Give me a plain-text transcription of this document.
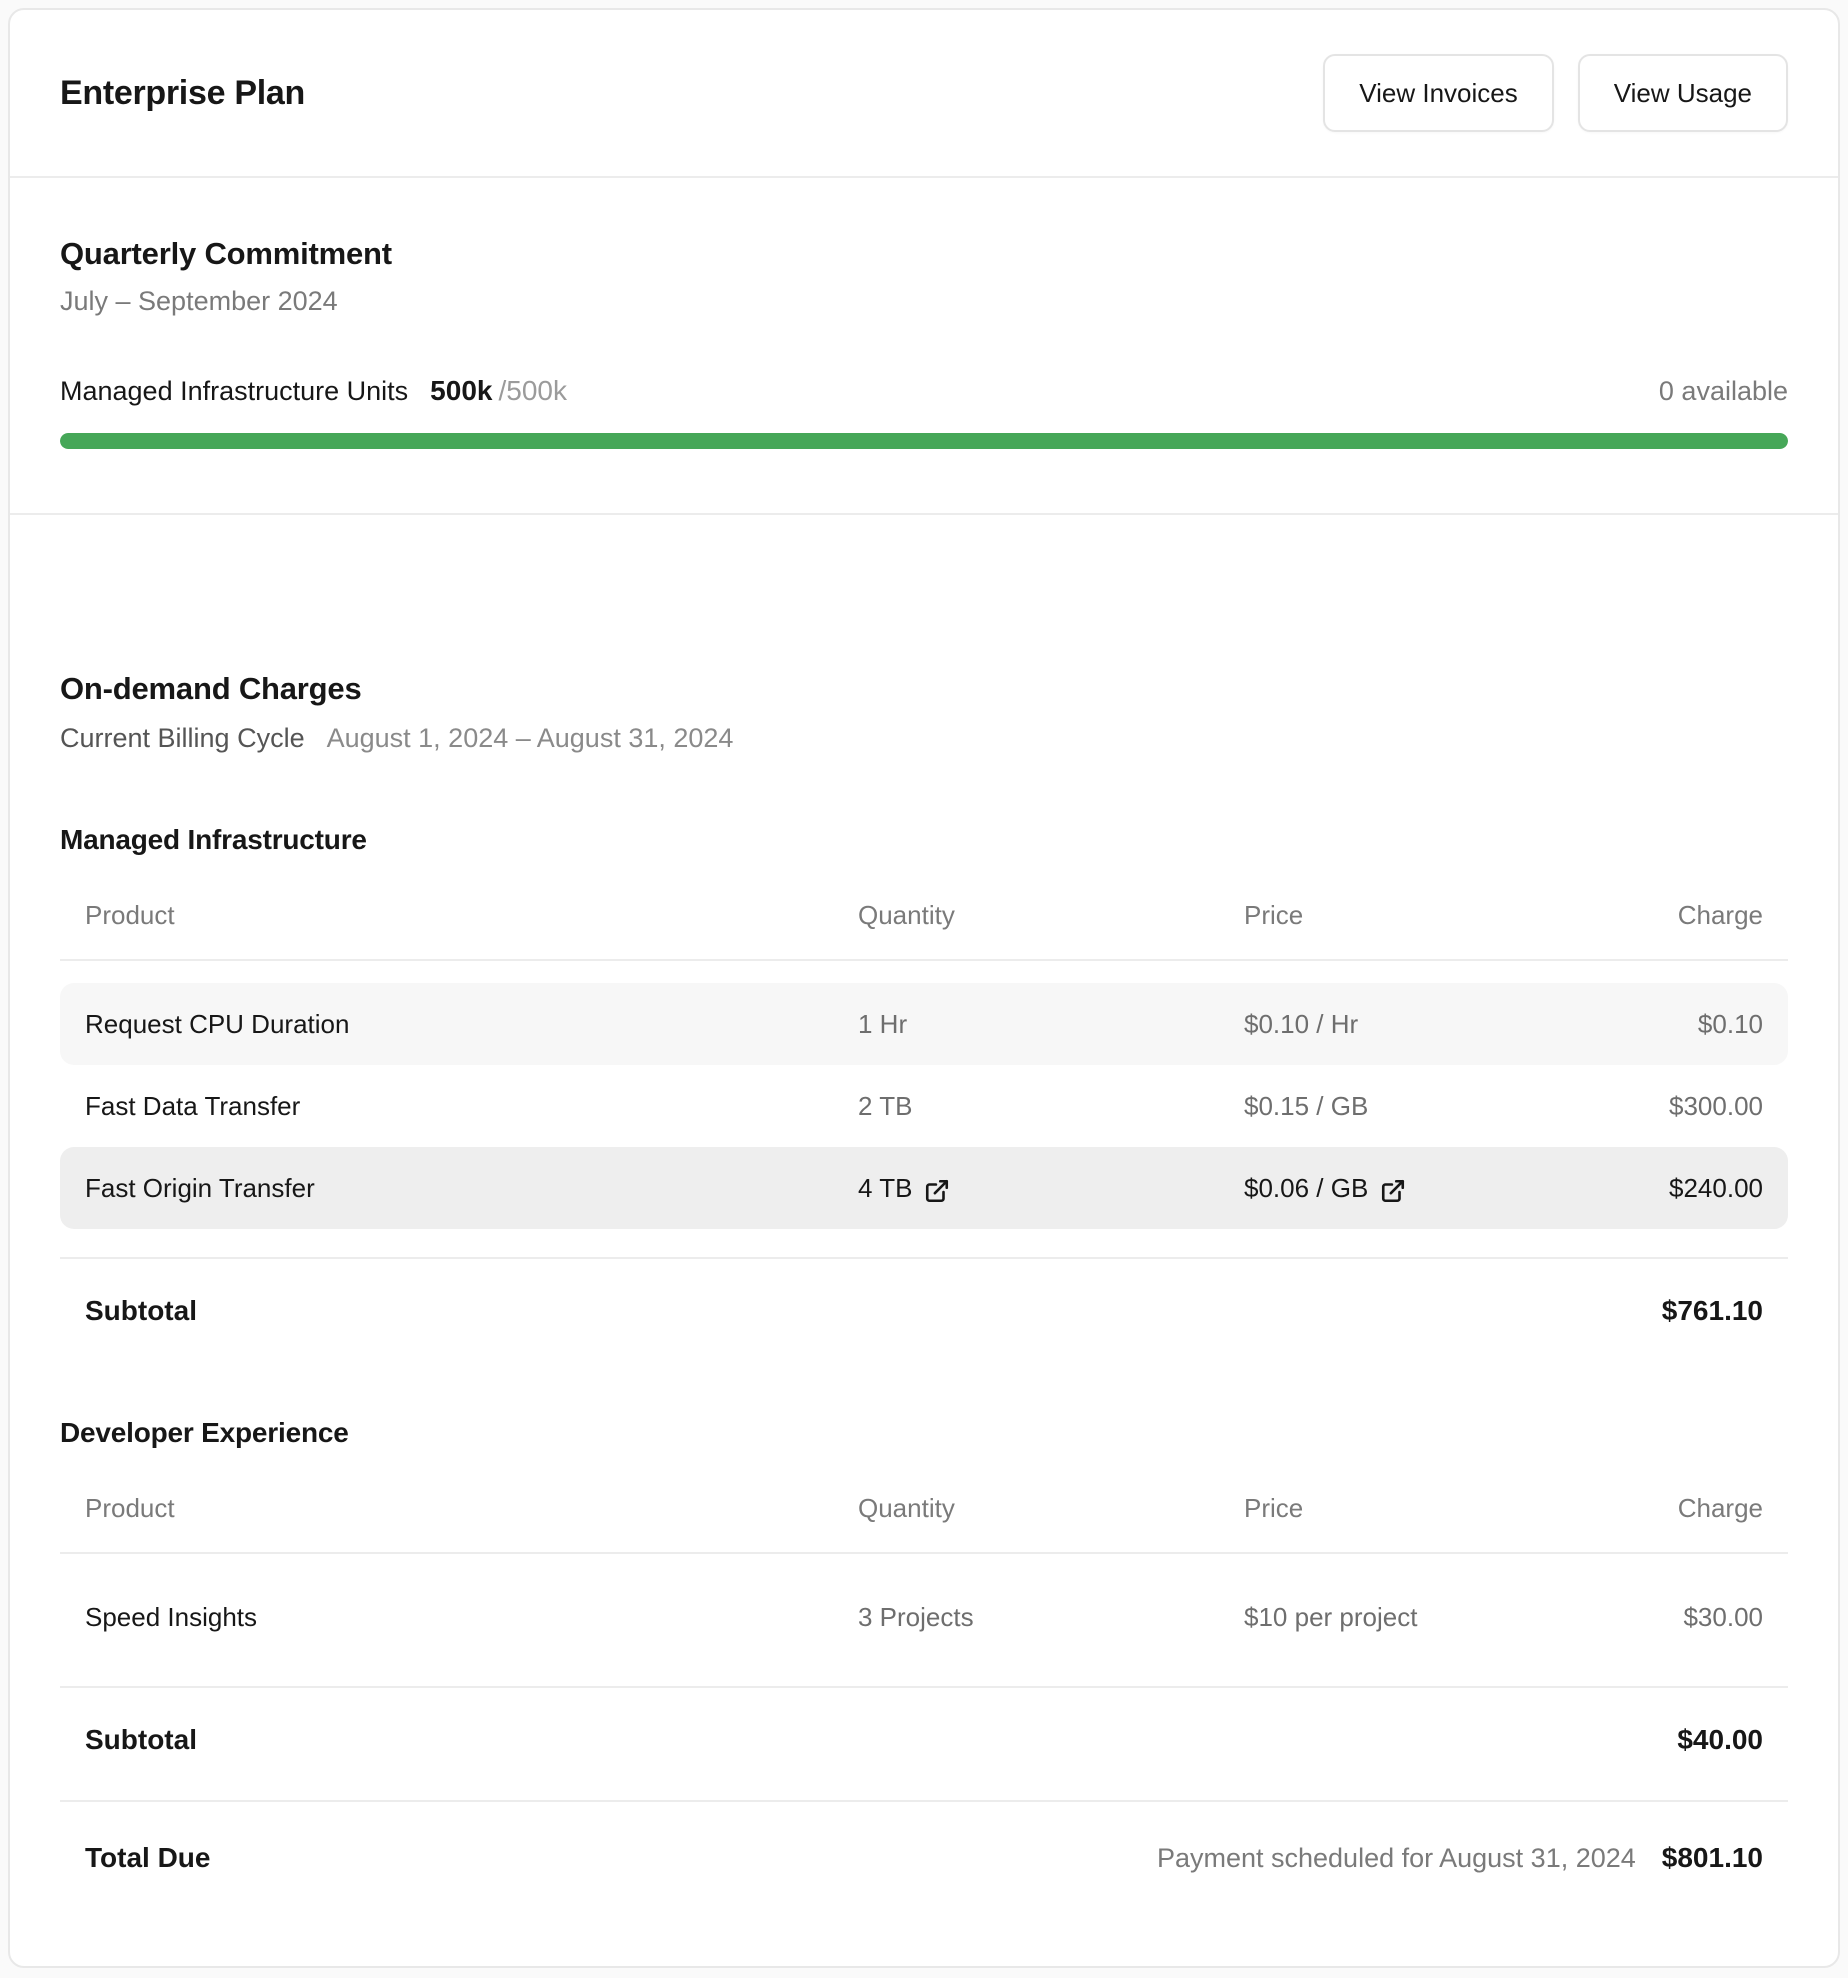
Enterprise Plan	View Invoices	View Usage
Quarterly Commitment
July – September 2024
Managed Infrastructure Units 500k /500k	0 available
On-demand Charges
Current Billing Cycle August 1, 2024 – August 31, 2024
Managed Infrastructure
Product	Quantity	Price	Charge
Request CPU Duration	1 Hr	$0.10 / Hr	$0.10
Fast Data Transfer	2 TB	$0.15 / GB	$300.00
Fast Origin Transfer	4 TB	$0.06 / GB	$240.00
Subtotal	$761.10
Developer Experience
Product	Quantity	Price	Charge
Speed Insights	3 Projects	$10 per project	$30.00
Subtotal	$40.00
Total Due	Payment scheduled for August 31, 2024 $801.10
